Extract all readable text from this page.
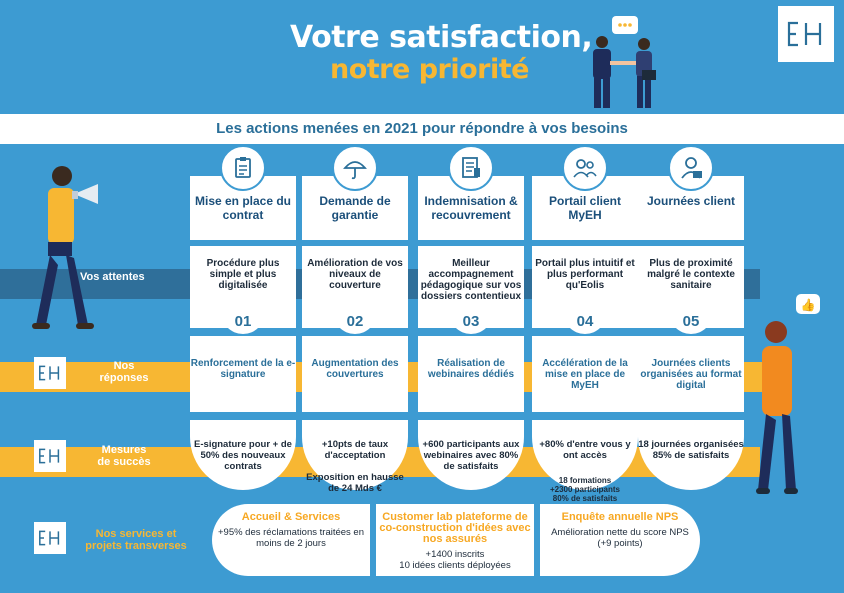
Votre satisfaction,
notre priorité
Les actions menées en 2021 pour répondre à vos besoins
Vos attentes
Nos réponses
Mesures de succès
Nos services et projets transverses
👍
Mise en place du contrat
Procédure plus simple et plus digitalisée
01
Renforcement de la e-signature

E-signature pour + de 50% des nouveaux contrats

Demande de garantie
Amélioration de vos niveaux de couverture
02
Augmentation des couvertures

+10pts de taux d'acceptation

Exposition en hausse de 24 Mds €

Indemnisation & recouvrement
Meilleur accompagnement pédagogique sur vos dossiers contentieux
03
Réalisation de webinaires dédiés

+600 participants aux webinaires avec 80% de satisfaits

Portail client MyEH
Portail plus intuitif et plus performant qu'Eolis
04
Accélération de la mise en place de MyEH

+80% d'entre vous y ont accès

18 formations
+2300 participants
80% de satisfaits

Journées client
Plus de proximité malgré le contexte sanitaire
05
Journées clients organisées au format digital

18 journées organisées
85% de satisfaits

Accueil & Services
+95% des réclamations traitées en moins de 2 jours
Customer lab plateforme de co-construction d'idées avec nos assurés
+1400 inscrits
10 idées clients déployées
Enquête annuelle NPS
Amélioration nette du score NPS
(+9 points)
